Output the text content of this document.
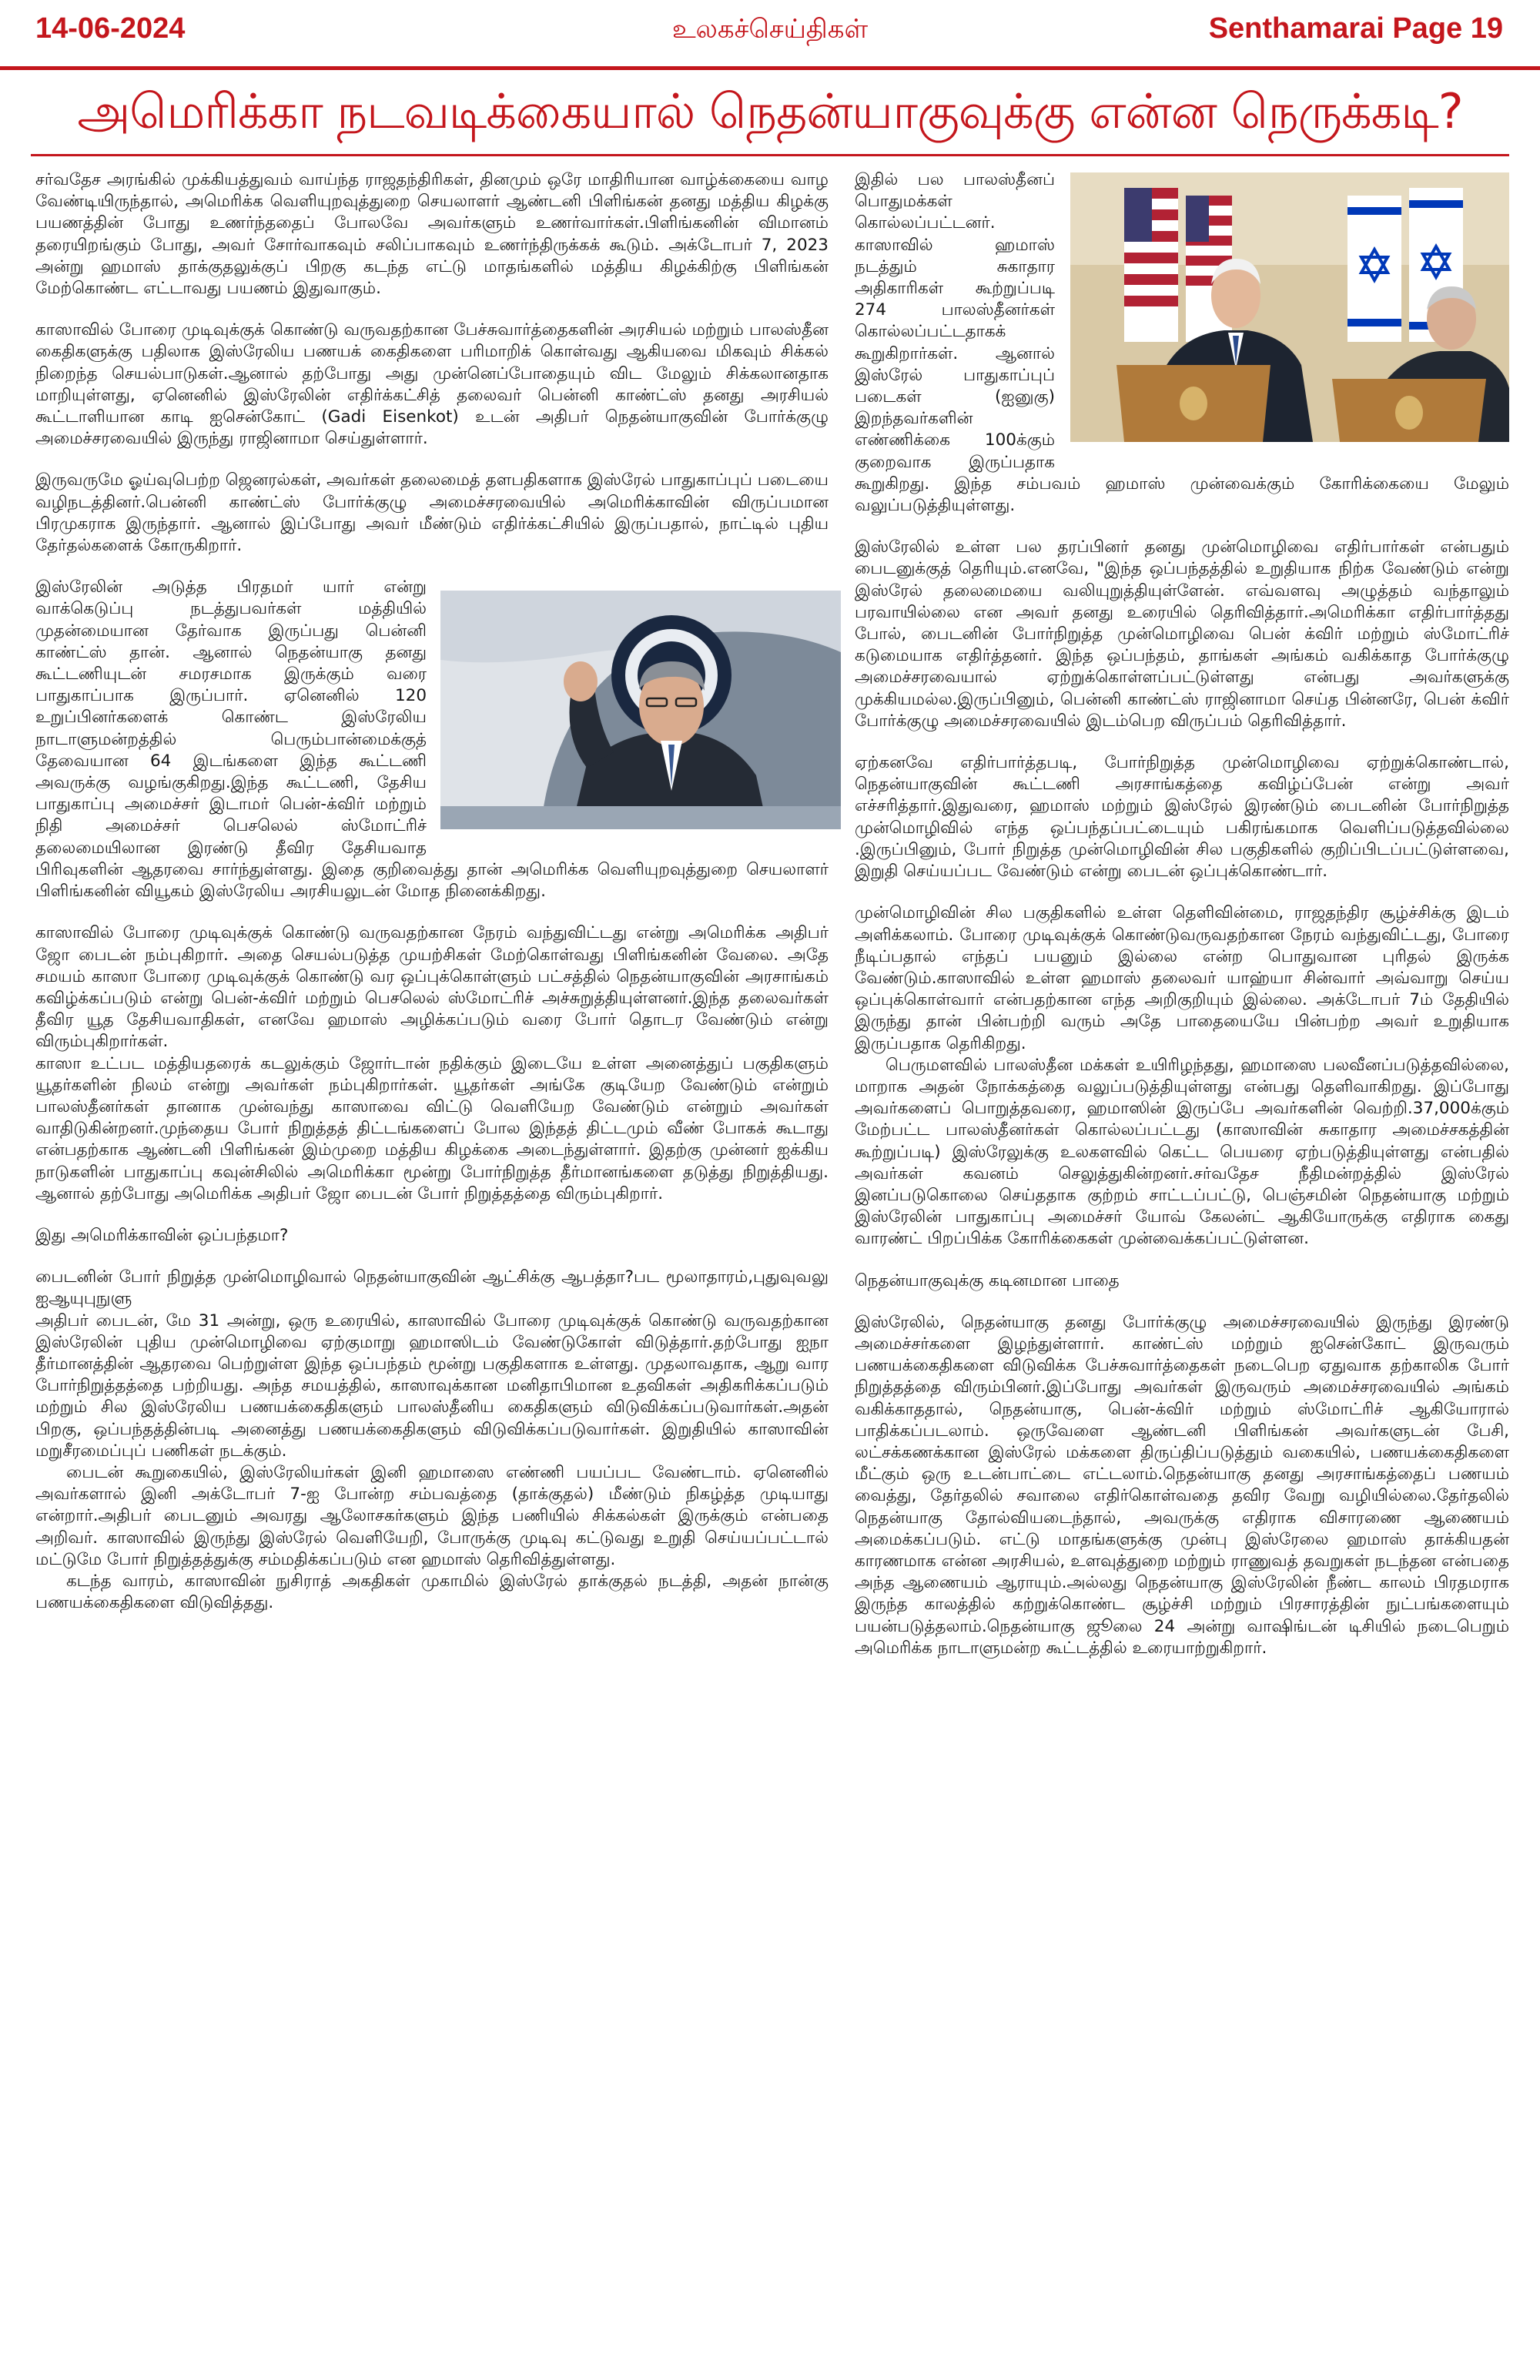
14-06-2024	உலகச்செய்திகள்	Senthamarai Page 19
அமெரிக்கா நடவடிக்கையால் நெதன்யாகுவுக்கு என்ன நெருக்கடி?

சர்வதேச அரங்கில் முக்கியத்துவம் வாய்ந்த ராஜதந்திரிகள், தினமும் ஒரே மாதிரியான வாழ்க்கையை வாழ வேண்டியிருந்தால், அமெரிக்க வெளியுறவுத்துறை செயலாளர் ஆண்டனி பிளிங்கன் தனது மத்திய கிழக்கு பயணத்தின் போது உணர்ந்ததைப் போலவே அவர்களும் உணர்வார்கள்.பிளிங்கனின் விமானம் தரையிறங்கும் போது, அவர் சோர்வாகவும் சலிப்பாகவும் உணர்ந்திருக்கக் கூடும். அக்டோபர் 7, 2023 அன்று ஹமாஸ் தாக்குதலுக்குப் பிறகு கடந்த எட்டு மாதங்களில் மத்திய கிழக்கிற்கு பிளிங்கன் மேற்கொண்ட எட்டாவது பயணம் இதுவாகும்.

காஸாவில் போரை முடிவுக்குக் கொண்டு வருவதற்கான பேச்சுவார்த்தைகளின் அரசியல் மற்றும் பாலஸ்தீன கைதிகளுக்கு பதிலாக இஸ்ரேலிய பணயக் கைதிகளை பரிமாறிக் கொள்வது ஆகியவை மிகவும் சிக்கல் நிறைந்த செயல்பாடுகள்.ஆனால் தற்போது அது முன்னெப்போதையும் விட மேலும் சிக்கலானதாக மாறியுள்ளது, ஏனெனில் இஸ்ரேலின் எதிர்க்கட்சித் தலைவர் பென்னி காண்ட்ஸ் தனது அரசியல் கூட்டாளியான காடி ஐசென்கோட் (Gadi Eisenkot) உடன் அதிபர் நெதன்யாகுவின் போர்க்குழு அமைச்சரவையில் இருந்து ராஜினாமா செய்துள்ளார்.

இருவருமே ஓய்வுபெற்ற ஜெனரல்கள், அவர்கள் தலைமைத் தளபதிகளாக இஸ்ரேல் பாதுகாப்புப் படையை வழிநடத்தினர்.பென்னி காண்ட்ஸ் போர்க்குழு அமைச்சரவையில் அமெரிக்காவின் விருப்பமான பிரமுகராக இருந்தார். ஆனால் இப்போது அவர் மீண்டும் எதிர்க்கட்சியில் இருப்பதால், நாட்டில் புதிய தேர்தல்களைக் கோருகிறார்.

இஸ்ரேலின் அடுத்த பிரதமர் யார் என்று வாக்கெடுப்பு நடத்துபவர்கள் மத்தியில் முதன்மையான தேர்வாக இருப்பது பென்னி காண்ட்ஸ் தான். ஆனால் நெதன்யாகு தனது கூட்டணியுடன் சமரசமாக இருக்கும் வரை பாதுகாப்பாக இருப்பார். ஏனெனில் 120 உறுப்பினர்களைக் கொண்ட இஸ்ரேலிய நாடாளுமன்றத்தில் பெரும்பான்மைக்குத் தேவையான 64 இடங்களை இந்த கூட்டணி அவருக்கு வழங்குகிறது.இந்த கூட்டணி, தேசிய பாதுகாப்பு அமைச்சர் இடாமர் பென்-க்விர் மற்றும் நிதி அமைச்சர் பெசலெல் ஸ்மோட்ரிச் தலைமையிலான இரண்டு தீவிர தேசியவாத பிரிவுகளின் ஆதரவை சார்ந்துள்ளது. இதை குறிவைத்து தான் அமெரிக்க வெளியுறவுத்துறை செயலாளர் பிளிங்கனின் வியூகம் இஸ்ரேலிய அரசியலுடன் மோத நினைக்கிறது.

காஸாவில் போரை முடிவுக்குக் கொண்டு வருவதற்கான நேரம் வந்துவிட்டது என்று அமெரிக்க அதிபர் ஜோ பைடன் நம்புகிறார். அதை செயல்படுத்த முயற்சிகள் மேற்கொள்வது பிளிங்கனின் வேலை. அதே சமயம் காஸா போரை முடிவுக்குக் கொண்டு வர ஒப்புக்கொள்ளும் பட்சத்தில் நெதன்யாகுவின் அரசாங்கம் கவிழ்க்கப்படும் என்று பென்-க்விர் மற்றும் பெசலெல் ஸ்மோட்ரிச் அச்சுறுத்தியுள்ளனர்.இந்த தலைவர்கள் தீவிர யூத தேசியவாதிகள், எனவே ஹமாஸ் அழிக்கப்படும் வரை போர் தொடர வேண்டும் என்று விரும்புகிறார்கள்.

காஸா உட்பட மத்தியதரைக் கடலுக்கும் ஜோர்டான் நதிக்கும் இடையே உள்ள அனைத்துப் பகுதிகளும் யூதர்களின் நிலம் என்று அவர்கள் நம்புகிறார்கள். யூதர்கள் அங்கே குடியேற வேண்டும் என்றும் பாலஸ்தீனர்கள் தானாக முன்வந்து காஸாவை விட்டு வெளியேற வேண்டும் என்றும் அவர்கள் வாதிடுகின்றனர்.முந்தைய போர் நிறுத்தத் திட்டங்களைப் போல இந்தத் திட்டமும் வீண் போகக் கூடாது என்பதற்காக ஆண்டனி பிளிங்கன் இம்முறை மத்திய கிழக்கை அடைந்துள்ளார். இதற்கு முன்னர் ஐக்கிய நாடுகளின் பாதுகாப்பு கவுன்சிலில் அமெரிக்கா மூன்று போர்நிறுத்த தீர்மானங்களை தடுத்து நிறுத்தியது. ஆனால் தற்போது அமெரிக்க அதிபர் ஜோ பைடன் போர் நிறுத்தத்தை விரும்புகிறார்.

இது அமெரிக்காவின் ஒப்பந்தமா?

பைடனின் போர் நிறுத்த முன்மொழிவால் நெதன்யாகுவின் ஆட்சிக்கு ஆபத்தா?பட மூலாதாரம்,புதுவுவலு ஐஆயுபுநுளு

அதிபர் பைடன், மே 31 அன்று, ஒரு உரையில், காஸாவில் போரை முடிவுக்குக் கொண்டு வருவதற்கான இஸ்ரேலின் புதிய முன்மொழிவை ஏற்குமாறு ஹமாஸிடம் வேண்டுகோள் விடுத்தார்.தற்போது ஐநா தீர்மானத்தின் ஆதரவை பெற்றுள்ள இந்த ஒப்பந்தம் மூன்று பகுதிகளாக உள்ளது. முதலாவதாக, ஆறு வார போர்நிறுத்தத்தை பற்றியது. அந்த சமயத்தில், காஸாவுக்கான மனிதாபிமான உதவிகள் அதிகரிக்கப்படும் மற்றும் சில இஸ்ரேலிய பணயக்கைதிகளும் பாலஸ்தீனிய கைதிகளும் விடுவிக்கப்படுவார்கள்.அதன் பிறகு, ஒப்பந்தத்தின்படி அனைத்து பணயக்கைதிகளும் விடுவிக்கப்படுவார்கள். இறுதியில் காஸாவின் மறுசீரமைப்புப் பணிகள் நடக்கும்.

பைடன் கூறுகையில், இஸ்ரேலியர்கள் இனி ஹமாஸை எண்ணி பயப்பட வேண்டாம். ஏனெனில் அவர்களால் இனி அக்டோபர் 7-ஐ போன்ற சம்பவத்தை (தாக்குதல்) மீண்டும் நிகழ்த்த முடியாது என்றார்.அதிபர் பைடனும் அவரது ஆலோசகர்களும் இந்த பணியில் சிக்கல்கள் இருக்கும் என்பதை அறிவர். காஸாவில் இருந்து இஸ்ரேல் வெளியேறி, போருக்கு முடிவு கட்டுவது உறுதி செய்யப்பட்டால் மட்டுமே போர் நிறுத்தத்துக்கு சம்மதிக்கப்படும் என ஹமாஸ் தெரிவித்துள்ளது.

கடந்த வாரம், காஸாவின் நுசிராத் அகதிகள் முகாமில் இஸ்ரேல் தாக்குதல் நடத்தி, அதன் நான்கு பணயக்கைதிகளை விடுவித்தது.

இதில் பல பாலஸ்தீனப் பொதுமக்கள் கொல்லப்பட்டனர். காஸாவில் ஹமாஸ் நடத்தும் சுகாதார அதிகாரிகள் கூற்றுப்படி 274 பாலஸ்தீனர்கள் கொல்லப்பட்டதாகக் கூறுகிறார்கள். ஆனால் இஸ்ரேல் பாதுகாப்புப் படைகள் (ஐனுகு) இறந்தவர்களின் எண்ணிக்கை 100க்கும் குறைவாக இருப்பதாக கூறுகிறது. இந்த சம்பவம் ஹமாஸ் முன்வைக்கும் கோரிக்கையை மேலும் வலுப்படுத்தியுள்ளது.

இஸ்ரேலில் உள்ள பல தரப்பினர் தனது முன்மொழிவை எதிர்பார்கள் என்பதும் பைடனுக்குத் தெரியும்.எனவே, "இந்த ஒப்பந்தத்தில் உறுதியாக நிற்க வேண்டும் என்று இஸ்ரேல் தலைமையை வலியுறுத்தியுள்ளேன். எவ்வளவு அழுத்தம் வந்தாலும் பரவாயில்லை என அவர் தனது உரையில் தெரிவித்தார்.அமெரிக்கா எதிர்பார்த்தது போல், பைடனின் போர்நிறுத்த முன்மொழிவை பென் க்விர் மற்றும் ஸ்மோட்ரிச் கடுமையாக எதிர்த்தனர். இந்த ஒப்பந்தம், தாங்கள் அங்கம் வகிக்காத போர்க்குழு அமைச்சரவையால் ஏற்றுக்கொள்ளப்பட்டுள்ளது என்பது அவர்களுக்கு முக்கியமல்ல.இருப்பினும், பென்னி காண்ட்ஸ் ராஜினாமா செய்த பின்னரே, பென் க்விர் போர்க்குழு அமைச்சரவையில் இடம்பெற விருப்பம் தெரிவித்தார்.

ஏற்கனவே எதிர்பார்த்தபடி, போர்நிறுத்த முன்மொழிவை ஏற்றுக்கொண்டால், நெதன்யாகுவின் கூட்டணி அரசாங்கத்தை கவிழ்ப்பேன் என்று அவர் எச்சரித்தார்.இதுவரை, ஹமாஸ் மற்றும் இஸ்ரேல் இரண்டும் பைடனின் போர்நிறுத்த முன்மொழிவில் எந்த ஒப்பந்தப்பட்டையும் பகிரங்கமாக வெளிப்படுத்தவில்லை .இருப்பினும், போர் நிறுத்த முன்மொழிவின் சில பகுதிகளில் குறிப்பிடப்பட்டுள்ளவை, இறுதி செய்யப்பட வேண்டும் என்று பைடன் ஒப்புக்கொண்டார்.

முன்மொழிவின் சில பகுதிகளில் உள்ள தெளிவின்மை, ராஜதந்திர சூழ்ச்சிக்கு இடம் அளிக்கலாம். போரை முடிவுக்குக் கொண்டுவருவதற்கான நேரம் வந்துவிட்டது, போரை நீடிப்பதால் எந்தப் பயனும் இல்லை என்ற பொதுவான புரிதல் இருக்க வேண்டும்.காஸாவில் உள்ள ஹமாஸ் தலைவர் யாஹ்யா சின்வார் அவ்வாறு செய்ய ஒப்புக்கொள்வார் என்பதற்கான எந்த அறிகுறியும் இல்லை. அக்டோபர் 7ம் தேதியில் இருந்து தான் பின்பற்றி வரும் அதே பாதையையே பின்பற்ற அவர் உறுதியாக இருப்பதாக தெரிகிறது.

பெருமளவில் பாலஸ்தீன மக்கள் உயிரிழந்தது, ஹமாஸை பலவீனப்படுத்தவில்லை, மாறாக அதன் நோக்கத்தை வலுப்படுத்தியுள்ளது என்பது தெளிவாகிறது. இப்போது அவர்களைப் பொறுத்தவரை, ஹமாஸின் இருப்பே அவர்களின் வெற்றி.37,000க்கும் மேற்பட்ட பாலஸ்தீனர்கள் கொல்லப்பட்டது (காஸாவின் சுகாதார அமைச்சகத்தின் கூற்றுப்படி) இஸ்ரேலுக்கு உலகளவில் கெட்ட பெயரை ஏற்படுத்தியுள்ளது என்பதில் அவர்கள் கவனம் செலுத்துகின்றனர்.சர்வதேச நீதிமன்றத்தில் இஸ்ரேல் இனப்படுகொலை செய்ததாக குற்றம் சாட்டப்பட்டு, பெஞ்சமின் நெதன்யாகு மற்றும் இஸ்ரேலின் பாதுகாப்பு அமைச்சர் யோவ் கேலன்ட் ஆகியோருக்கு எதிராக கைது வாரண்ட் பிறப்பிக்க கோரிக்கைகள் முன்வைக்கப்பட்டுள்ளன.

நெதன்யாகுவுக்கு கடினமான பாதை

இஸ்ரேலில், நெதன்யாகு தனது போர்க்குழு அமைச்சரவையில் இருந்து இரண்டு அமைச்சர்களை இழந்துள்ளார். காண்ட்ஸ் மற்றும் ஐசென்கோட் இருவரும் பணயக்கைதிகளை விடுவிக்க பேச்சுவார்த்தைகள் நடைபெற ஏதுவாக தற்காலிக போர் நிறுத்தத்தை விரும்பினர்.இப்போது அவர்கள் இருவரும் அமைச்சரவையில் அங்கம் வகிக்காததால், நெதன்யாகு, பென்-க்விர் மற்றும் ஸ்மோட்ரிச் ஆகியோரால் பாதிக்கப்படலாம். ஒருவேளை ஆண்டனி பிளிங்கன் அவர்களுடன் பேசி, லட்சக்கணக்கான இஸ்ரேல் மக்களை திருப்திப்படுத்தும் வகையில், பணயக்கைதிகளை மீட்கும் ஒரு உடன்பாட்டை எட்டலாம்.நெதன்யாகு தனது அரசாங்கத்தைப் பணயம் வைத்து, தேர்தலில் சவாலை எதிர்கொள்வதை தவிர வேறு வழியில்லை.தேர்தலில் நெதன்யாகு தோல்வியடைந்தால், அவருக்கு எதிராக விசாரணை ஆணையம் அமைக்கப்படும். எட்டு மாதங்களுக்கு முன்பு இஸ்ரேலை ஹமாஸ் தாக்கியதன் காரணமாக என்ன அரசியல், உளவுத்துறை மற்றும் ராணுவத் தவறுகள் நடந்தன என்பதை அந்த ஆணையம் ஆராயும்.அல்லது நெதன்யாகு இஸ்ரேலின் நீண்ட காலம் பிரதமராக இருந்த காலத்தில் கற்றுக்கொண்ட சூழ்ச்சி மற்றும் பிரசாரத்தின் நுட்பங்களையும் பயன்படுத்தலாம்.நெதன்யாகு ஜூலை 24 அன்று வாஷிங்டன் டிசியில் நடைபெறும் அமெரிக்க நாடாளுமன்ற கூட்டத்தில் உரையாற்றுகிறார்.
